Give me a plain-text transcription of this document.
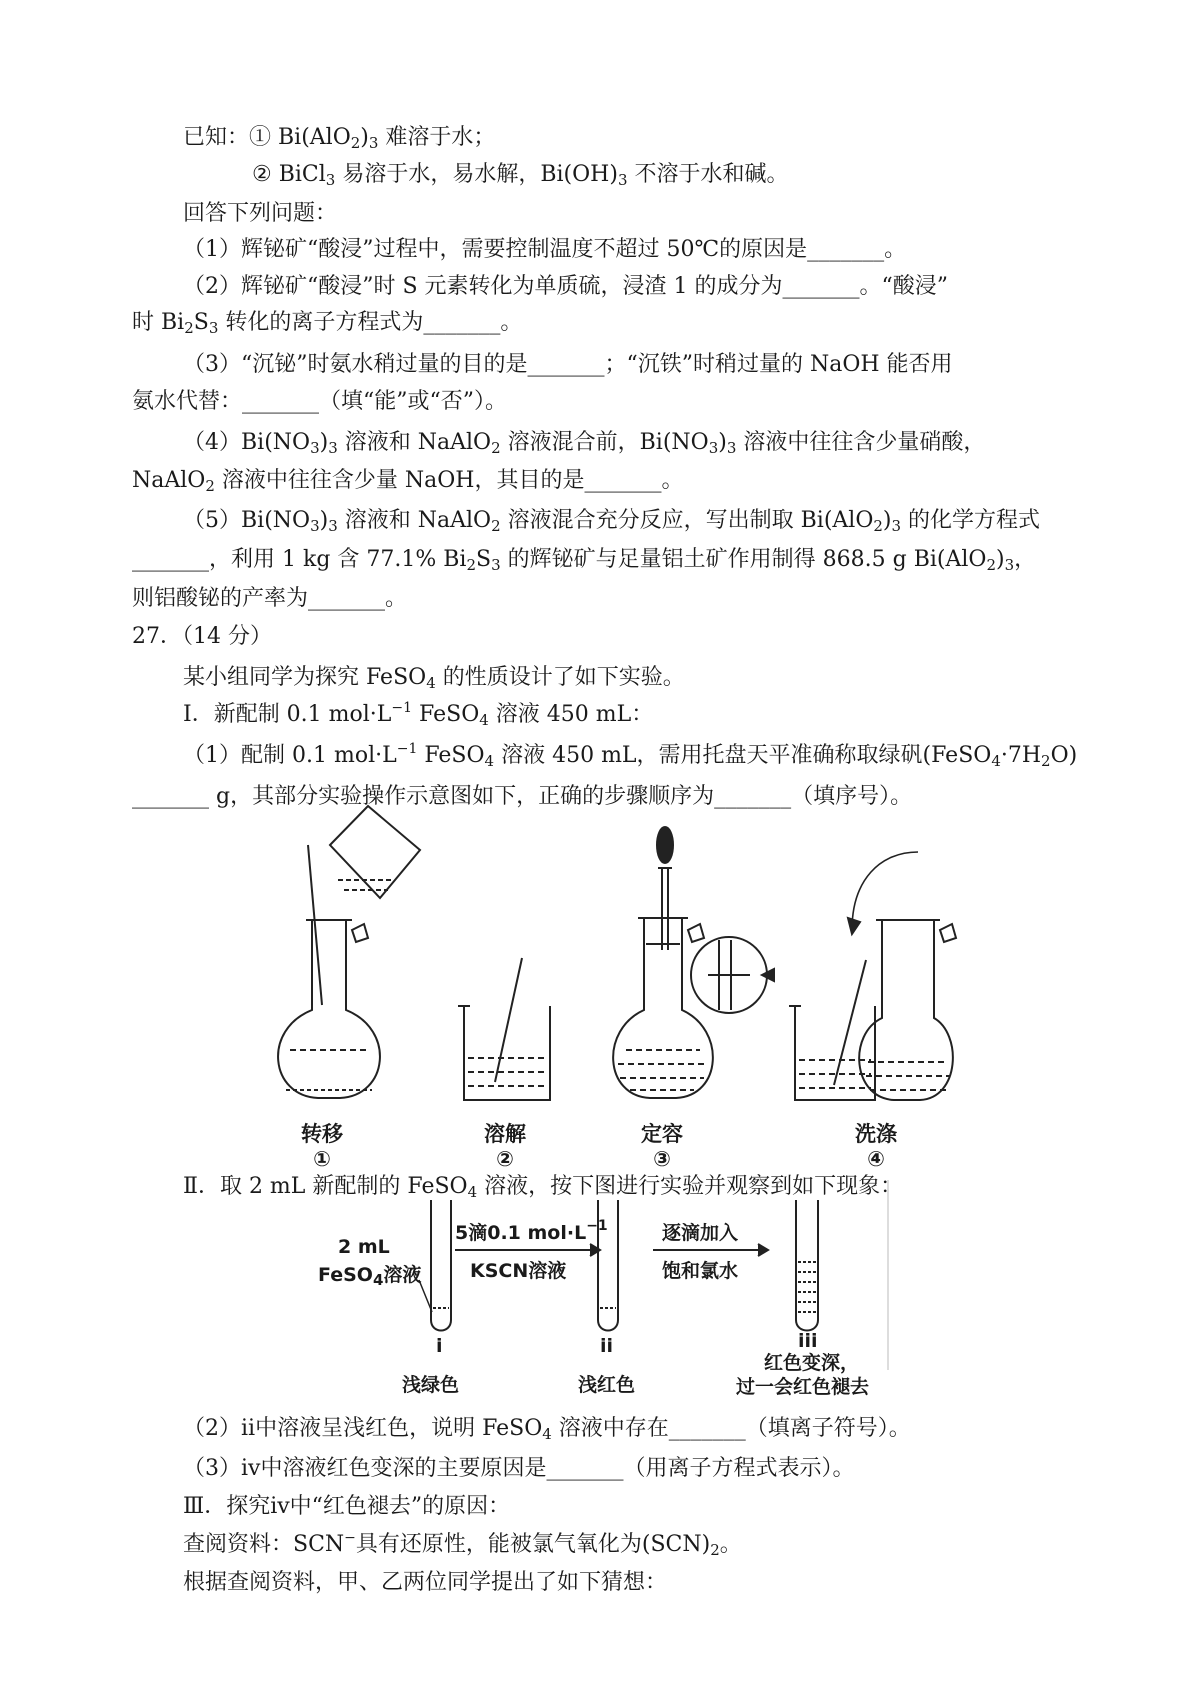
已知：① $Bi(AlO_2)_3$ 难溶于水；
② BiCl$_3$ 易溶于水，易水解，$Bi(OH)_3$ 不溶于水和碱。
回答下列问题：
（1）辉铋矿“酸浸”过程中，需要控制温度不超过 50℃的原因是_______。
（2）辉铋矿“酸浸”时 S 元素转化为单质硫，浸渣 1 的成分为_______。“酸浸”
时 $Bi_2S_3$ 转化的离子方程式为_______。
（3）“沉铋”时氨水稍过量的目的是_______；“沉铁”时稍过量的 NaOH 能否用
氨水代替：_______（填“能”或“否”）。
$(4)Bi(NO_3)_3$ 溶液和 NaAlO$_2$ 溶液混合前，$Bi(NO_3)_3$ 溶液中往往含少量硝酸，
NaAlO$_2$ 溶液中往往含少量 NaOH，其目的是_______。
$(5)Bi(NO_3)_3$ 溶液和 NaAlO$_2$ 溶液混合充分反应，写出制取 $Bi(AlO_2)_3$ 的化学方程式
_______，利用 1 kg 含 77.1% $Bi_2S_3$ 的辉铋矿与足量铝土矿作用制得 868.5 g $Bi(AlO_2)_3$，
则铝酸铋的产率为_______。
27．（14 分）
某小组同学为探究 FeSO$_4$ 的性质设计了如下实验。
Ⅰ．新配制 0.1 $mol\cdot L^{-1}$ FeSO$_4$ 溶液 450 mL：
（1）配制 0.1 $mol\cdot L^{-1}$ FeSO$_4$ 溶液 450 mL，需用托盘天平准确称取绿矾$(FeSO_4\cdot 7H_2O)$
_______ g，其部分实验操作示意图如下，正确的步骤顺序为_______（填序号）。
转移
①
溶解
②
定容
③
洗涤
④
Ⅱ．取 2 mL 新配制的 FeSO$_4$ 溶液，按下图进行实验并观察到如下现象：
2 mL
FeSO$_4$溶液
5滴0.1 $mol\cdot L^{-1}$
KSCN溶液
逐滴加入
饱和氯水
i	ii	iii
浅绿色	浅红色
红色变深，
过一会红色褪去
（2）ⅱ中溶液呈浅红色，说明 FeSO$_4$ 溶液中存在_______（填离子符号）。
（3）ⅳ中溶液红色变深的主要原因是_______（用离子方程式表示）。
Ⅲ．探究ⅳ中“红色褪去”的原因：
查阅资料：SCN−具有还原性，能被氯气氧化为$(SCN)_2$。
根据查阅资料，甲、乙两位同学提出了如下猜想：
